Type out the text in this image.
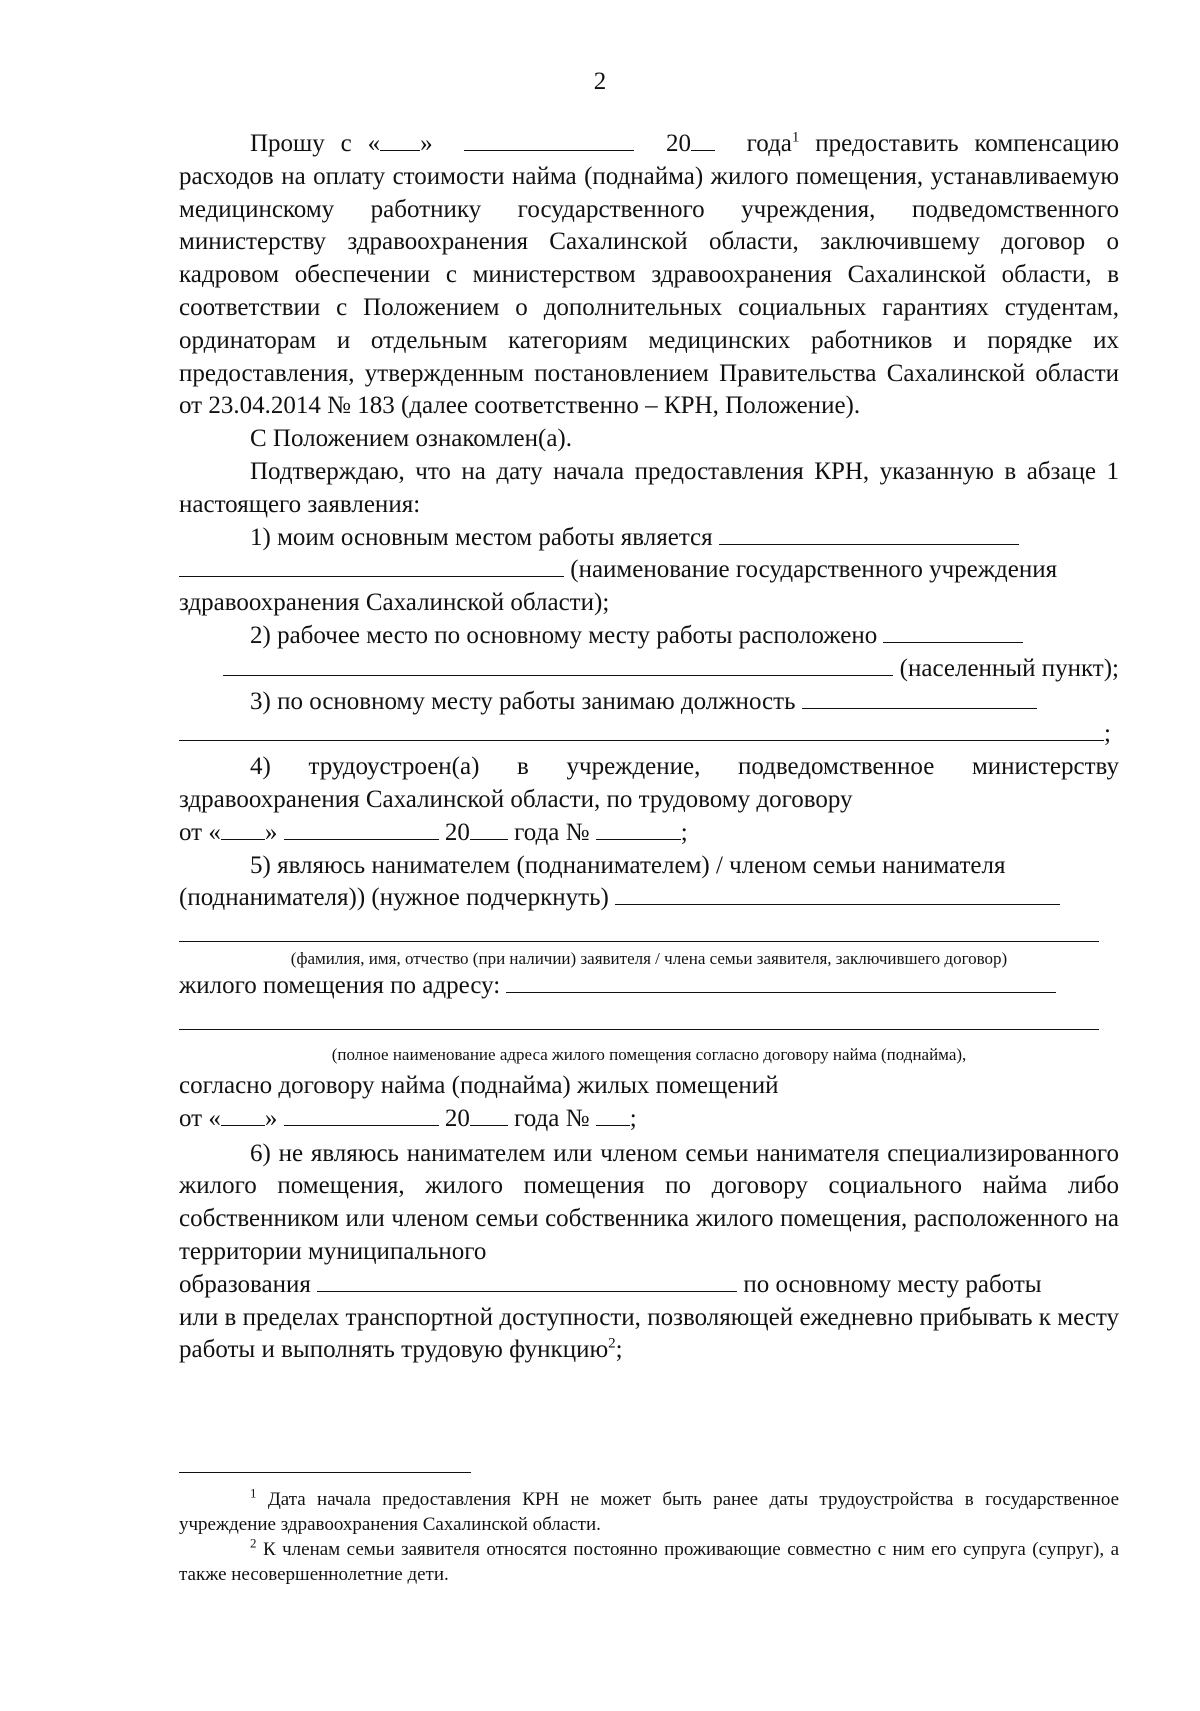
2

Прошу с « »	20 года$^1$ предоставить компенсацию расходов на оплату стоимости найма (поднайма) жилого помещения, устанавливаемую медицинскому работнику государственного учреждения, подведомственного министерству здравоохранения Сахалинской области, заключившему договор о кадровом обеспечении с министерством здравоохранения Сахалинской области, в соответствии с Положением о дополнительных социальных гарантиях студентам, ординаторам и отдельным категориям медицинских работников и порядке их предоставления, утвержденным постановлением Правительства Сахалинской области от 23.04.2014 № 183 (далее соответственно – КРН, Положение).

С Положением ознакомлен(а).

Подтверждаю, что на дату начала предоставления КРН, указанную в абзаце 1 настоящего заявления:

1) моим основным местом работы является

(наименование государственного учреждения

здравоохранения Сахалинской области);

2) рабочее место по основному месту работы расположено

(населенный пункт);

3) по основному месту работы занимаю должность

;

4) трудоустроен(а) в учреждение, подведомственное министерству здравоохранения Сахалинской области, по трудовому договору

от « »	20 года №	;

5) являюсь нанимателем (поднанимателем) / членом семьи нанимателя

(поднанимателя)) (нужное подчеркнуть)

(фамилия, имя, отчество (при наличии) заявителя / члена семьи заявителя, заключившего договор)

жилого помещения по адресу:

(полное наименование адреса жилого помещения согласно договору найма (поднайма),

согласно договору найма (поднайма) жилых помещений

от « »	20 года № ;

6) не являюсь нанимателем или членом семьи нанимателя специализированного жилого помещения, жилого помещения по договору социального найма либо собственником или членом семьи собственника жилого помещения, расположенного на территории муниципального

образования	по основному месту работы

или в пределах транспортной доступности, позволяющей ежедневно прибывать к месту работы и выполнять трудовую функцию$^2$;

$^1$ Дата начала предоставления КРН не может быть ранее даты трудоустройства в государственное учреждение здравоохранения Сахалинской области.

$^2$ К членам семьи заявителя относятся постоянно проживающие совместно с ним его супруга (супруг), а также несовершеннолетние дети.
